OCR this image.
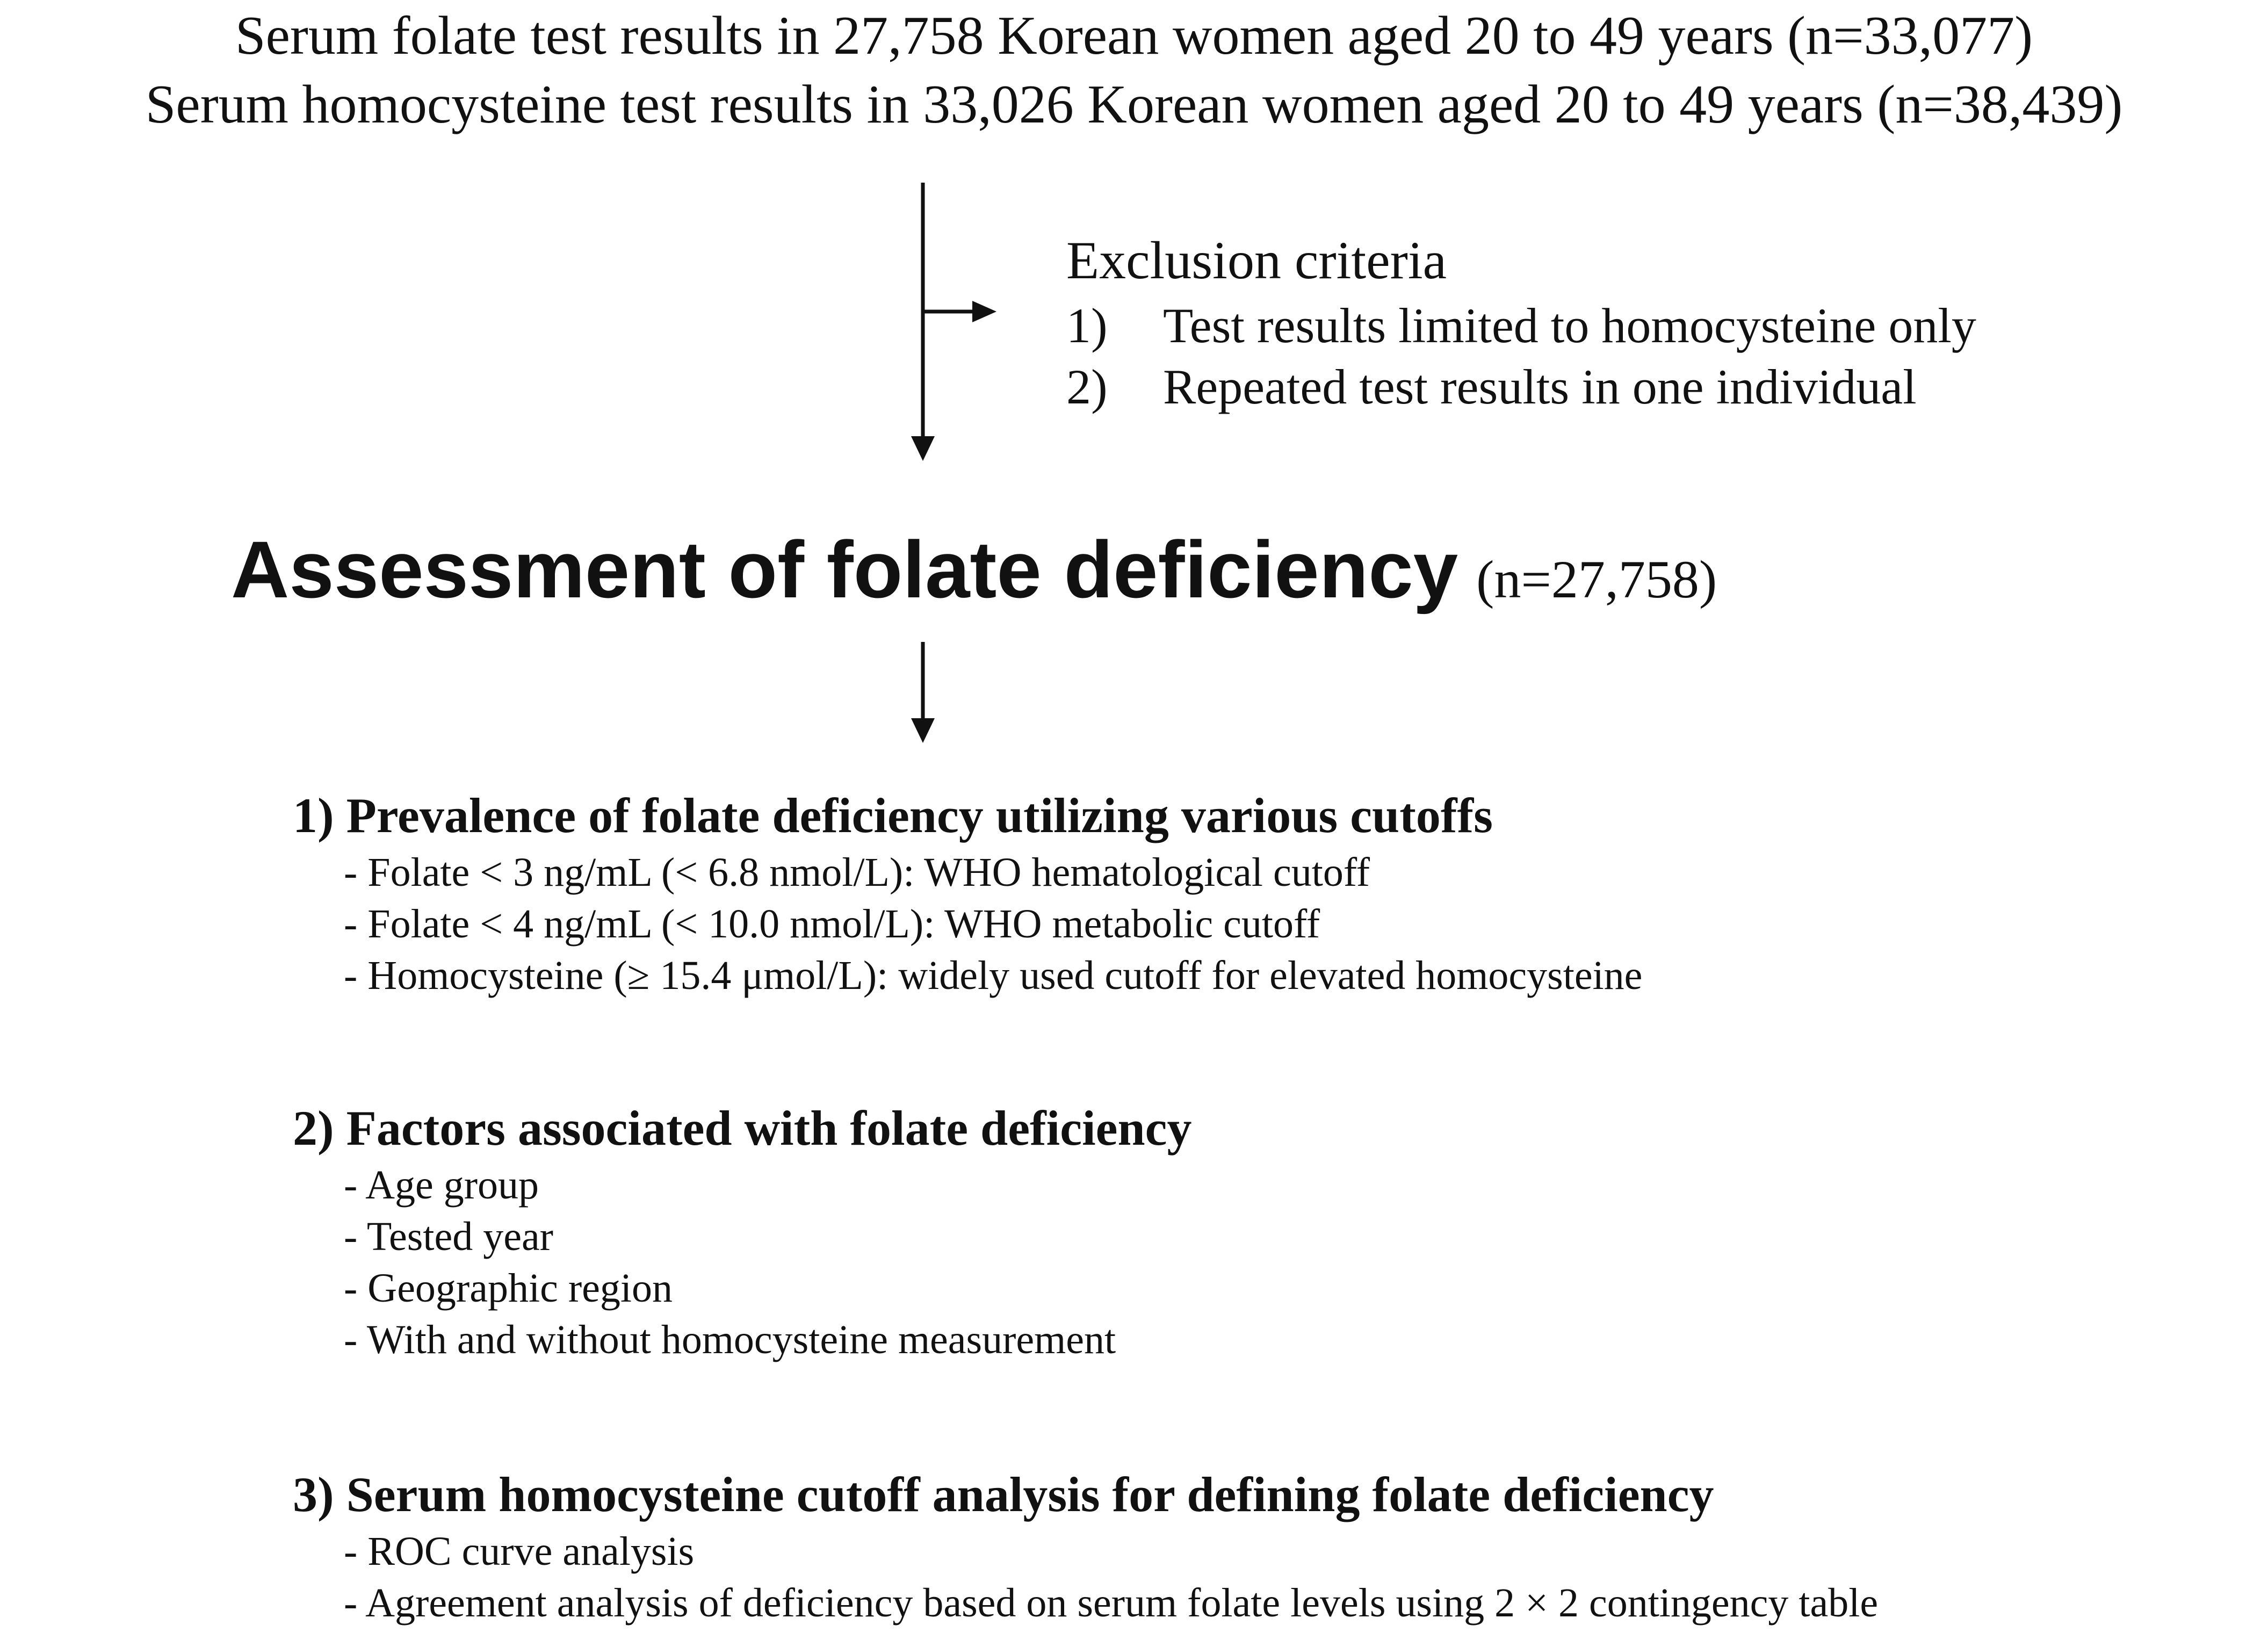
Serum folate test results in 27,758 Korean women aged 20 to 49 years (n=33,077)
Serum homocysteine test results in 33,026 Korean women aged 20 to 49 years (n=38,439)
Exclusion criteria
1) Test results limited to homocysteine only
2) Repeated test results in one individual
Assessment of folate deficiency (n=27,758)
1) Prevalence of folate deficiency utilizing various cutoffs
- Folate < 3 ng/mL (< 6.8 nmol/L): WHO hematological cutoff
- Folate < 4 ng/mL (< 10.0 nmol/L): WHO metabolic cutoff
- Homocysteine (≥ 15.4 μmol/L): widely used cutoff for elevated homocysteine
2) Factors associated with folate deficiency
- Age group
- Tested year
- Geographic region
- With and without homocysteine measurement
3) Serum homocysteine cutoff analysis for defining folate deficiency
- ROC curve analysis
- Agreement analysis of deficiency based on serum folate levels using 2 × 2 contingency table
